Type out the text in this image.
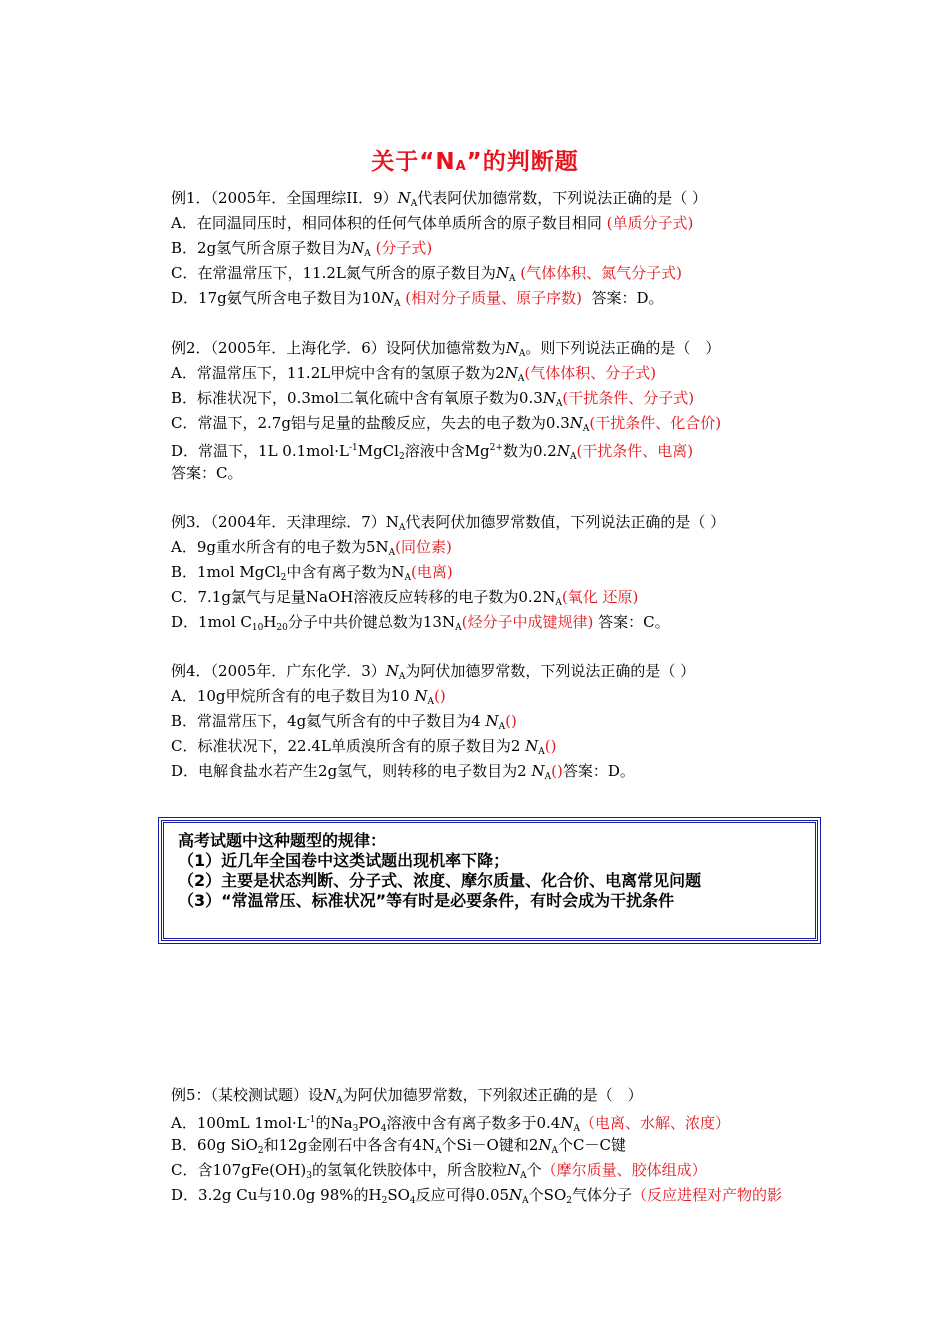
关于“$N_A$”的判断题
例1．（2005年．全国理综II．$9)N_A$代表阿伏加德常数，下列说法正确的是（ ）
A．在同温同压时，相同体积的任何气体单质所含的原子数目相同 (单质分子式)
B．2g氢气所含原子数目为$N_A$ (分子式)
C．在常温常压下，11.2L氮气所含的原子数目为$N_A$ (气体体积、氮气分子式)
D．17g氨气所含电子数目为$10N_A$ (相对分子质量、原子序数) 答案：D。
例2．（2005年．上海化学．6）设阿伏加德常数为$N_A$。则下列说法正确的是（　）
A．常温常压下，11.2L甲烷中含有的氢原子数为$2N_A$(气体体积、分子式)
B．标准状况下，0.3mol二氧化硫中含有氧原子数为$0.3N_A$(干扰条件、分子式)
C．常温下，2.7g铝与足量的盐酸反应，失去的电子数为$0.3N_A$(干扰条件、化合价)
D．常温下，1L $0.1mol\cdot L^{-1}MgCl_2$溶液中含$Mg^{2+}$数为$0.2N_A$(干扰条件、电离)
答案：C。
例3．（2004年．天津理综．$7)N_A$代表阿伏加德罗常数值，下列说法正确的是（ ）
A．9g重水所含有的电子数为$5N_A$(同位素)
B．1mol MgCl$_2$中含有离子数为$N_A$(电离)
C．7.1g氯气与足量NaOH溶液反应转移的电子数为$0.2N_A$(氧化 还原)
D．1mol $C_{10}H_{20}$分子中共价键总数为$13N_A$(烃分子中成键规律) 答案：C。
例4．（2005年．广东化学．$3)N_A$为阿伏加德罗常数，下列说法正确的是（ ）
A．10g甲烷所含有的电子数目为10 $N_A()$
B．常温常压下，4g氦气所含有的中子数目为4 $N_A()$
C．标准状况下，22.4L单质溴所含有的原子数目为2 $N_A()$
D．电解食盐水若产生2g氢气，则转移的电子数目为2 $N_A()$答案：D。
高考试题中这种题型的规律：
（1）近几年全国卷中这类试题出现机率下降；
（2）主要是状态判断、分子式、浓度、摩尔质量、化合价、电离常见问题
（3）“常温常压、标准状况”等有时是必要条件，有时会成为干扰条件
例5：（某校测试题）设$N_A$为阿伏加德罗常数，下列叙述正确的是（　）
A．100mL $1mol\cdot L^{-1}$的$Na_3PO_4$溶液中含有离子数多于$0.4N_A$（电离、水解、浓度）
B．60g SiO$_2$和12g金刚石中各含有$4N_A$个Si－O键和$2N_A$个C－C键
C．含$107gFe(OH)_3$的氢氧化铁胶体中，所含胶粒$N_A$个（摩尔质量、胶体组成）
D．3.2g Cu与10.0g 98%的$H_2SO_4$反应可得$0.05N_A$个$SO_2$气体分子（反应进程对产物的影
